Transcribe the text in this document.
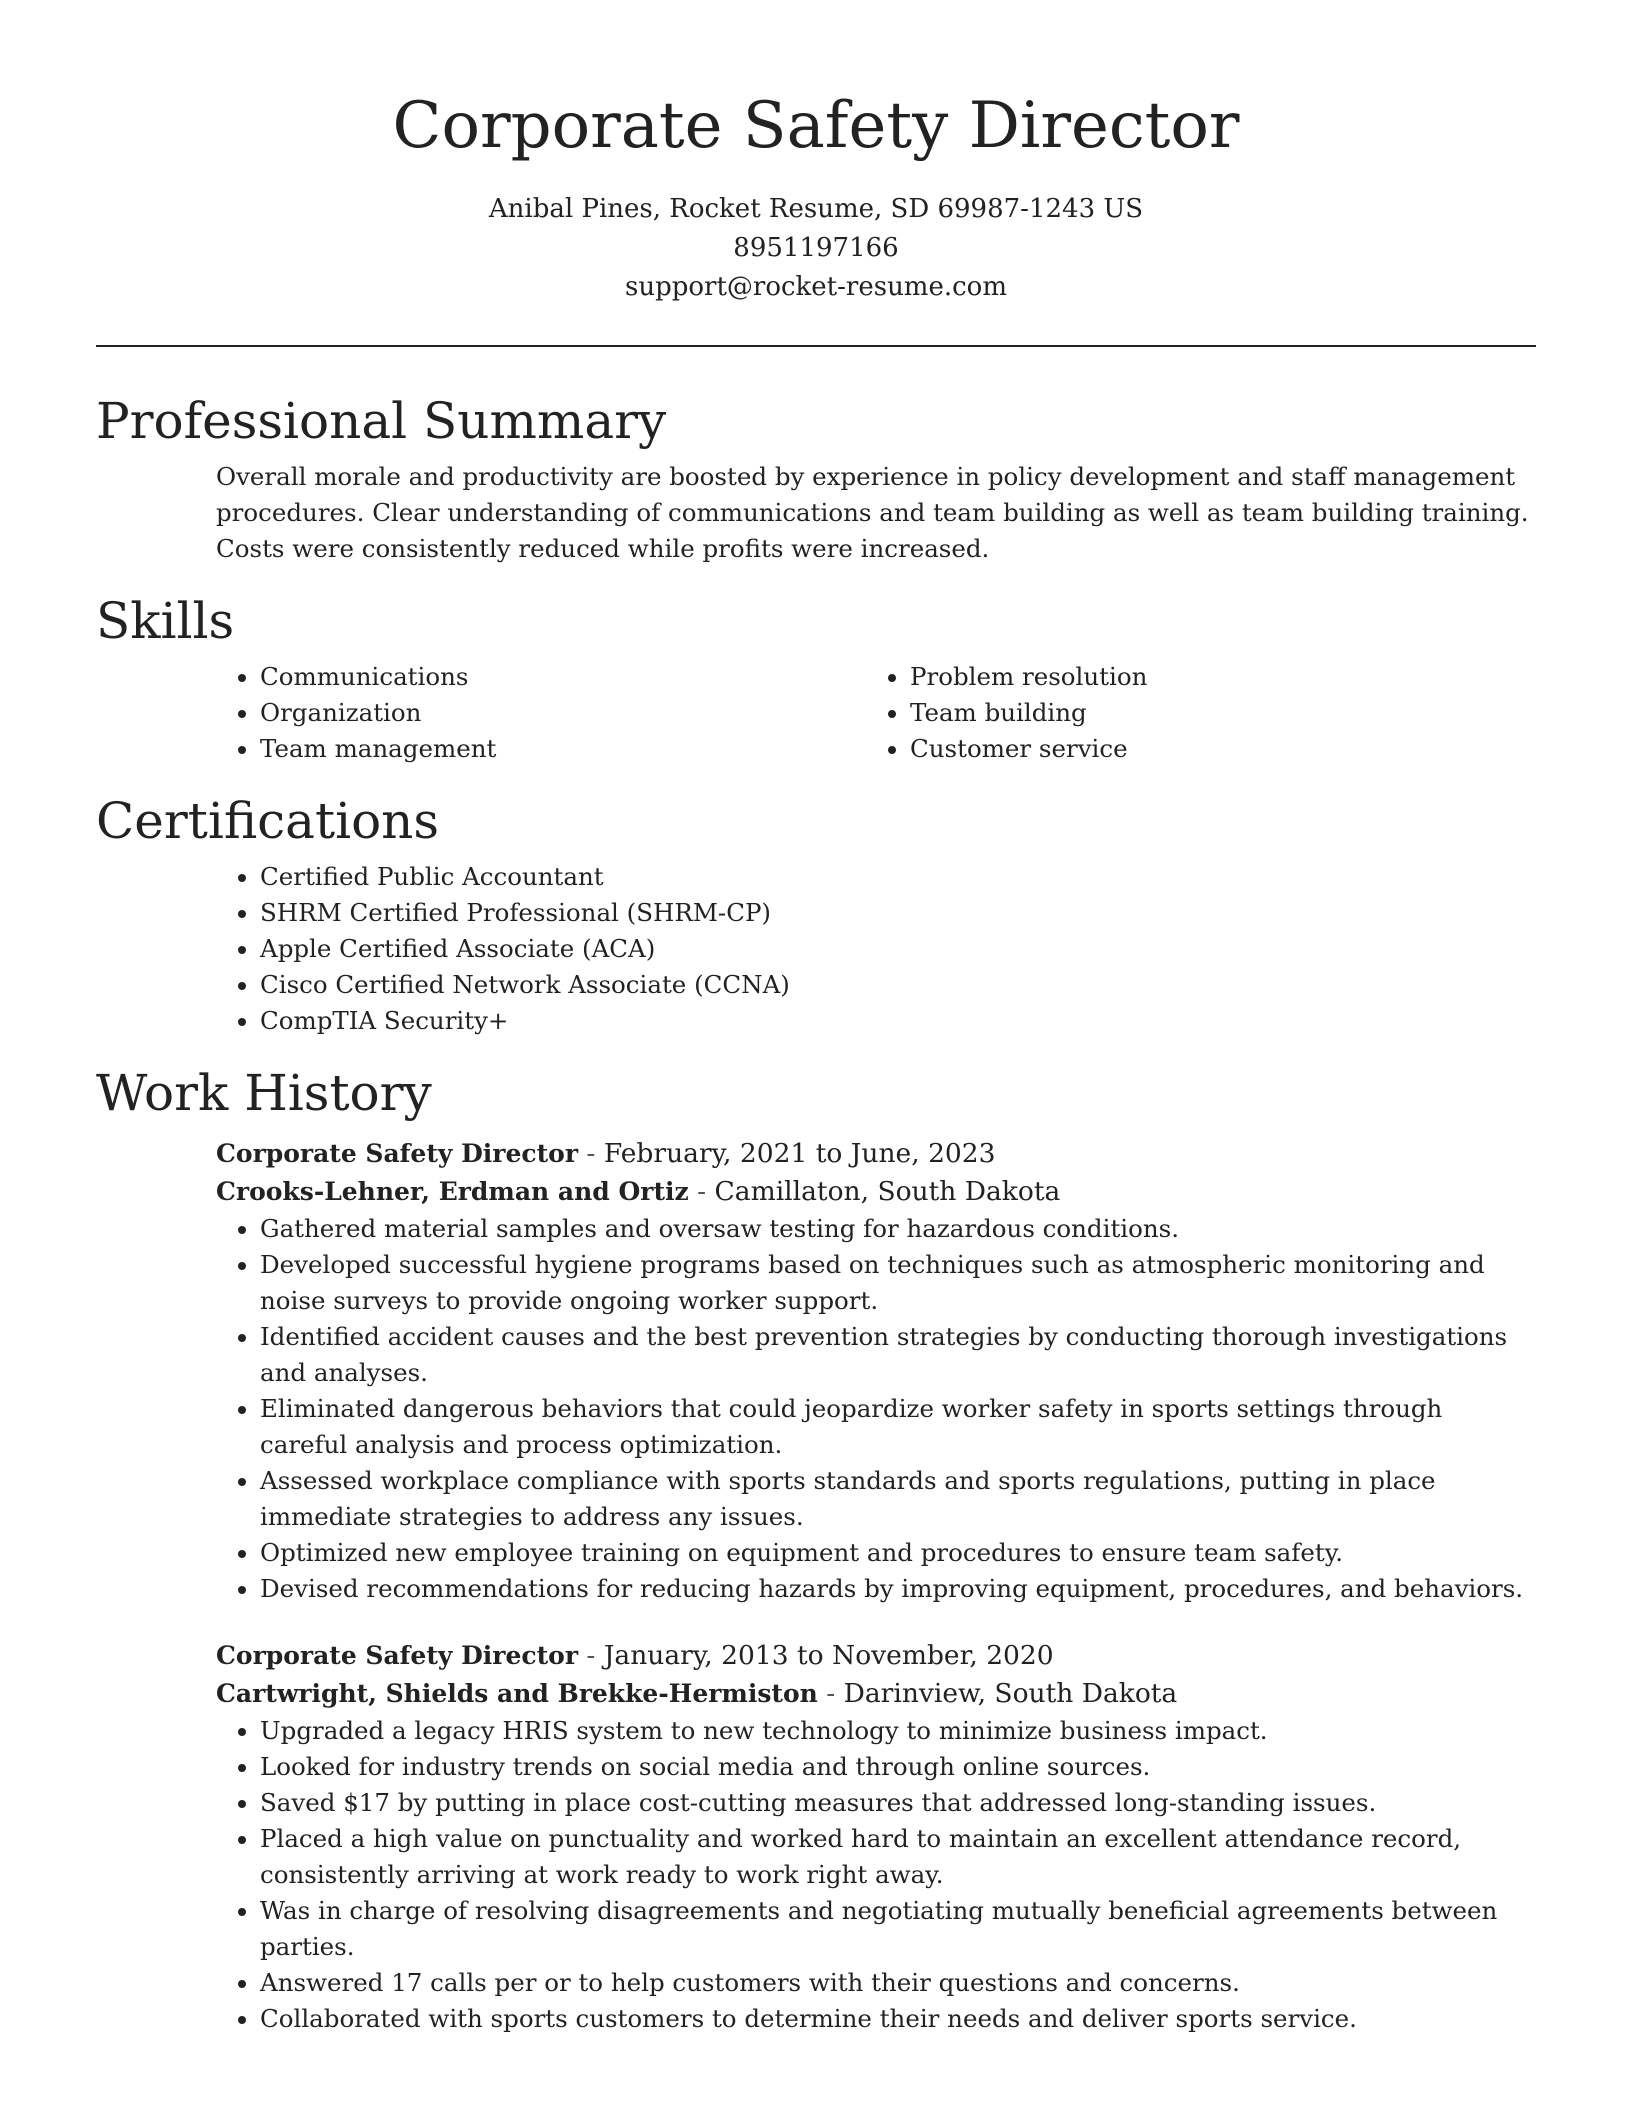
Corporate Safety Director

Anibal Pines, Rocket Resume, SD 69987-1243 US

8951197166

support@rocket-resume.com

Professional Summary

Overall morale and productivity are boosted by experience in policy development and staff management procedures. Clear understanding of communications and team building as well as team building training. Costs were consistently reduced while profits were increased.

Skills
• Communications
• Organization
• Team management
• Problem resolution
• Team building
• Customer service
Certifications
• Certified Public Accountant
• SHRM Certified Professional (SHRM-CP)
• Apple Certified Associate (ACA)
• Cisco Certified Network Associate (CCNA)
• CompTIA Security+
Work History

Corporate Safety Director - February, 2021 to June, 2023

Crooks-Lehner, Erdman and Ortiz - Camillaton, South Dakota

• Gathered material samples and oversaw testing for hazardous conditions.
• Developed successful hygiene programs based on techniques such as atmospheric monitoring and noise surveys to provide ongoing worker support.
• Identified accident causes and the best prevention strategies by conducting thorough investigations and analyses.
• Eliminated dangerous behaviors that could jeopardize worker safety in sports settings through careful analysis and process optimization.
• Assessed workplace compliance with sports standards and sports regulations, putting in place immediate strategies to address any issues.
• Optimized new employee training on equipment and procedures to ensure team safety.
• Devised recommendations for reducing hazards by improving equipment, procedures, and behaviors.

Corporate Safety Director - January, 2013 to November, 2020

Cartwright, Shields and Brekke-Hermiston - Darinview, South Dakota

• Upgraded a legacy HRIS system to new technology to minimize business impact.
• Looked for industry trends on social media and through online sources.
• Saved $17 by putting in place cost-cutting measures that addressed long-standing issues.
• Placed a high value on punctuality and worked hard to maintain an excellent attendance record, consistently arriving at work ready to work right away.
• Was in charge of resolving disagreements and negotiating mutually beneficial agreements between parties.
• Answered 17 calls per or to help customers with their questions and concerns.
• Collaborated with sports customers to determine their needs and deliver sports service.
